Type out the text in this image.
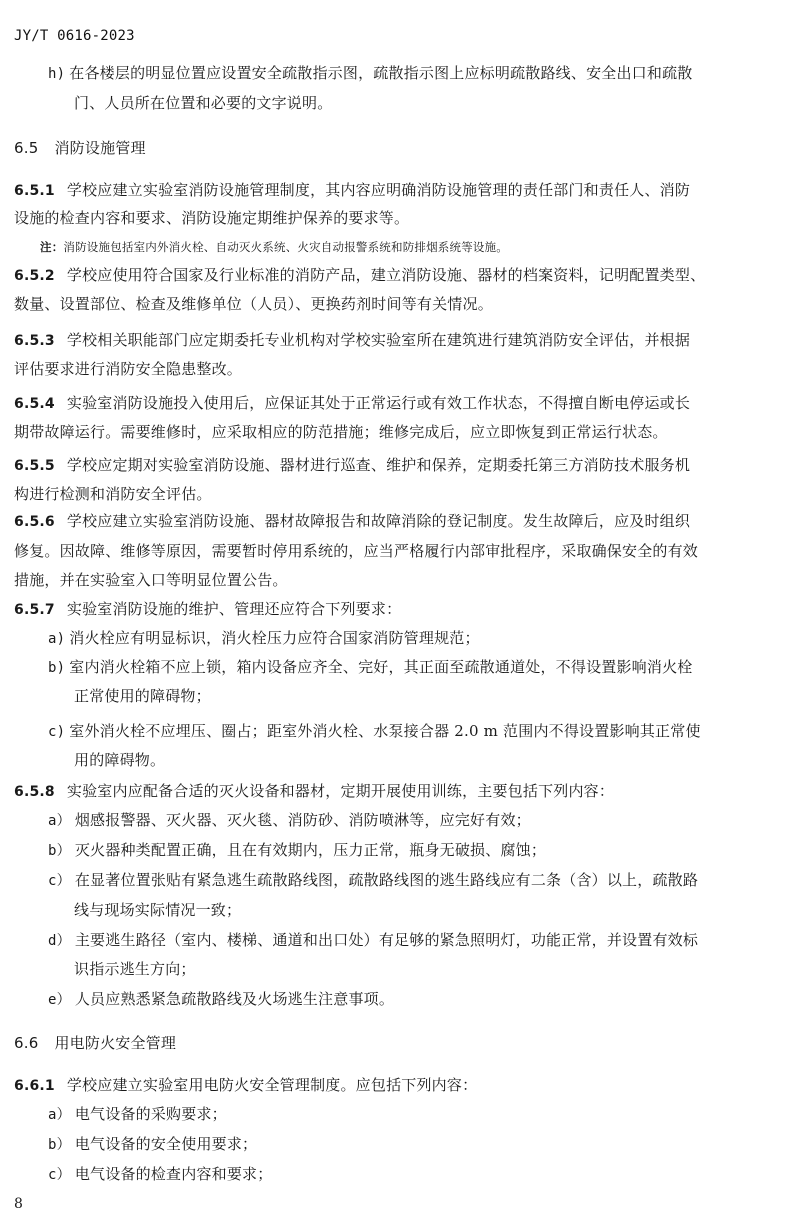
JY/T 0616-2023
h) 在各楼层的明显位置应设置安全疏散指示图，疏散指示图上应标明疏散路线、安全出口和疏散
门、人员所在位置和必要的文字说明。
6.5 消防设施管理
6.5.1 学校应建立实验室消防设施管理制度，其内容应明确消防设施管理的责任部门和责任人、消防
设施的检查内容和要求、消防设施定期维护保养的要求等。
注：消防设施包括室内外消火栓、自动灭火系统、火灾自动报警系统和防排烟系统等设施。
6.5.2 学校应使用符合国家及行业标准的消防产品，建立消防设施、器材的档案资料，记明配置类型、
数量、设置部位、检查及维修单位（人员）、更换药剂时间等有关情况。
6.5.3 学校相关职能部门应定期委托专业机构对学校实验室所在建筑进行建筑消防安全评估，并根据
评估要求进行消防安全隐患整改。
6.5.4 实验室消防设施投入使用后，应保证其处于正常运行或有效工作状态，不得擅自断电停运或长
期带故障运行。需要维修时，应采取相应的防范措施；维修完成后，应立即恢复到正常运行状态。
6.5.5 学校应定期对实验室消防设施、器材进行巡查、维护和保养，定期委托第三方消防技术服务机
构进行检测和消防安全评估。
6.5.6 学校应建立实验室消防设施、器材故障报告和故障消除的登记制度。发生故障后，应及时组织
修复。因故障、维修等原因，需要暂时停用系统的，应当严格履行内部审批程序，采取确保安全的有效
措施，并在实验室入口等明显位置公告。
6.5.7 实验室消防设施的维护、管理还应符合下列要求：
a) 消火栓应有明显标识，消火栓压力应符合国家消防管理规范；
b) 室内消火栓箱不应上锁，箱内设备应齐全、完好，其正面至疏散通道处，不得设置影响消火栓
正常使用的障碍物；
c) 室外消火栓不应埋压、圈占；距室外消火栓、水泵接合器 2.0 m 范围内不得设置影响其正常使
用的障碍物。
6.5.8 实验室内应配备合适的灭火设备和器材，定期开展使用训练，主要包括下列内容：
a） 烟感报警器、灭火器、灭火毯、消防砂、消防喷淋等，应完好有效；
b） 灭火器种类配置正确，且在有效期内，压力正常，瓶身无破损、腐蚀；
c） 在显著位置张贴有紧急逃生疏散路线图，疏散路线图的逃生路线应有二条（含）以上，疏散路
线与现场实际情况一致；
d） 主要逃生路径（室内、楼梯、通道和出口处）有足够的紧急照明灯，功能正常，并设置有效标
识指示逃生方向；
e） 人员应熟悉紧急疏散路线及火场逃生注意事项。
6.6 用电防火安全管理
6.6.1 学校应建立实验室用电防火安全管理制度。应包括下列内容：
a） 电气设备的采购要求；
b） 电气设备的安全使用要求；
c） 电气设备的检查内容和要求；
8
